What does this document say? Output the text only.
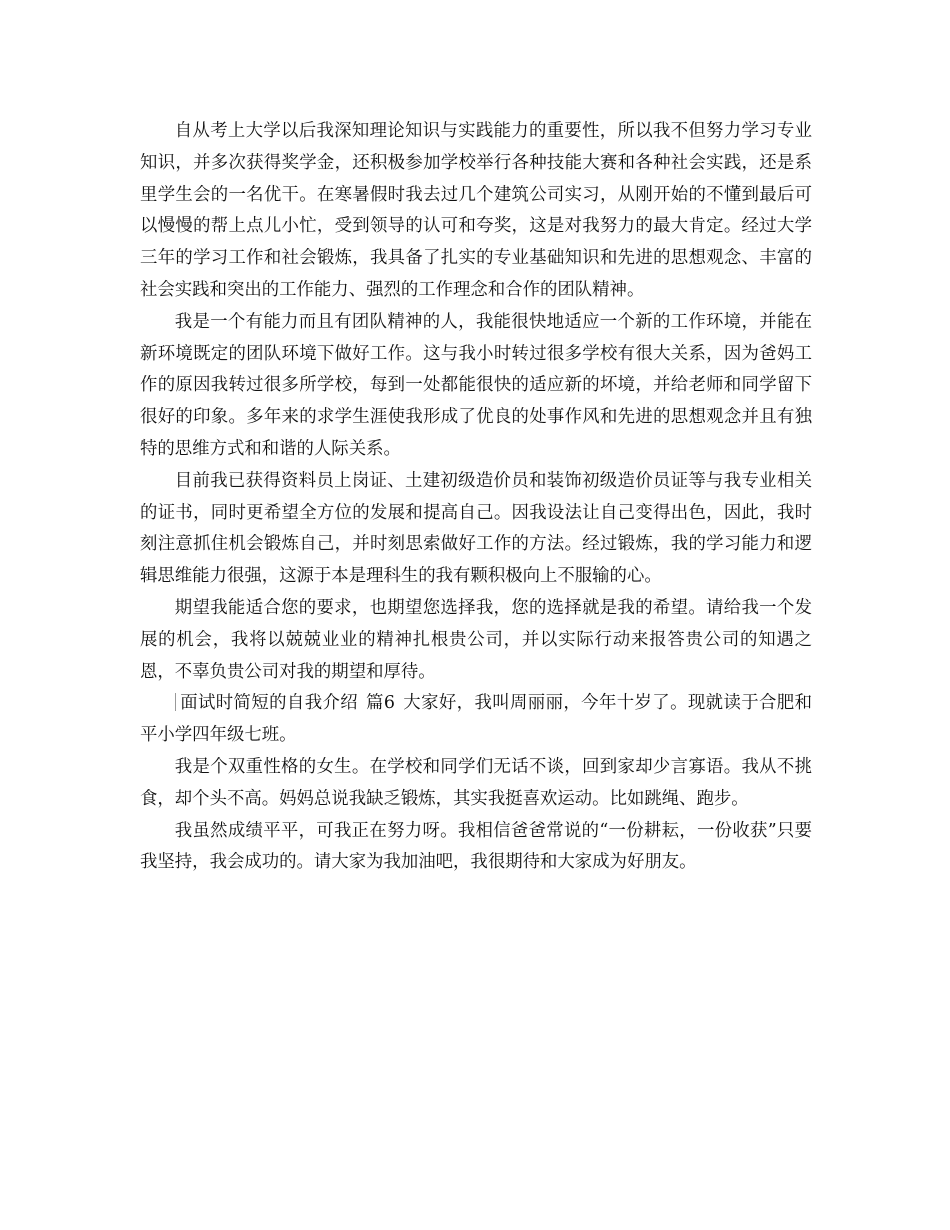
自从考上大学以后我深知理论知识与实践能力的重要性，所以我不但努力学习专业知识，并多次获得奖学金，还积极参加学校举行各种技能大赛和各种社会实践，还是系里学生会的一名优干。在寒暑假时我去过几个建筑公司实习，从刚开始的不懂到最后可以慢慢的帮上点儿小忙，受到领导的认可和夸奖，这是对我努力的最大肯定。经过大学三年的学习工作和社会锻炼，我具备了扎实的专业基础知识和先进的思想观念、丰富的社会实践和突出的工作能力、强烈的工作理念和合作的团队精神。

我是一个有能力而且有团队精神的人，我能很快地适应一个新的工作环境，并能在新环境既定的团队环境下做好工作。这与我小时转过很多学校有很大关系，因为爸妈工作的原因我转过很多所学校，每到一处都能很快的适应新的坏境，并给老师和同学留下很好的印象。多年来的求学生涯使我形成了优良的处事作风和先进的思想观念并且有独特的思维方式和和谐的人际关系。

目前我已获得资料员上岗证、土建初级造价员和装饰初级造价员证等与我专业相关的证书，同时更希望全方位的发展和提高自己。因我设法让自己变得出色，因此，我时刻注意抓住机会锻炼自己，并时刻思索做好工作的方法。经过锻炼，我的学习能力和逻辑思维能力很强，这源于本是理科生的我有颗积极向上不服输的心。

期望我能适合您的要求，也期望您选择我，您的选择就是我的希望。请给我一个发展的机会，我将以兢兢业业的精神扎根贵公司，并以实际行动来报答贵公司的知遇之恩，不辜负贵公司对我的期望和厚待。

面试时简短的自我介绍 篇6 大家好，我叫周丽丽，今年十岁了。现就读于合肥和平小学四年级七班。

我是个双重性格的女生。在学校和同学们无话不谈，回到家却少言寡语。我从不挑食，却个头不高。妈妈总说我缺乏锻炼，其实我挺喜欢运动。比如跳绳、跑步。

我虽然成绩平平，可我正在努力呀。我相信爸爸常说的“一份耕耘，一份收获”只要我坚持，我会成功的。请大家为我加油吧，我很期待和大家成为好朋友。
